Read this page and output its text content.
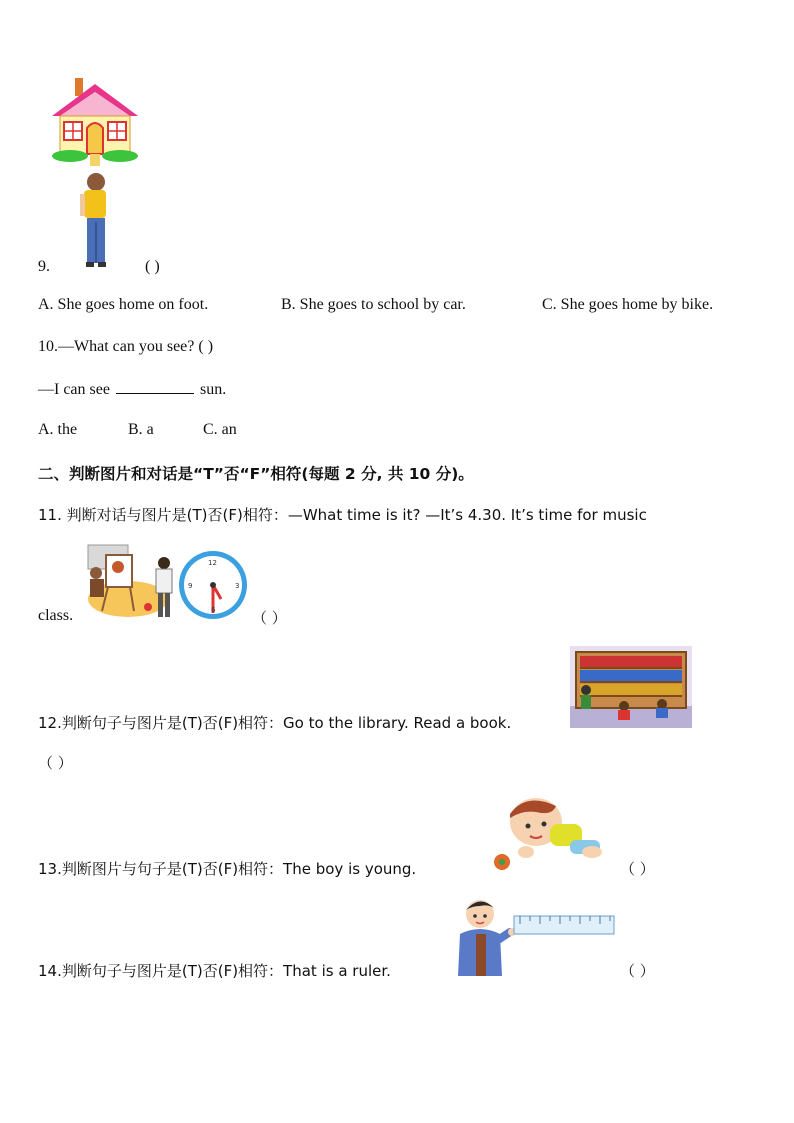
9.	( )
A. She goes home on foot.	B. She goes to school by car.	C. She goes home by bike.
10.—What can you see? ( )
—I can see	sun.
A. the	B. a	C. an
二、判断图片和对话是“T”否“F”相符(每题 2 分, 共 10 分)。
11. 判断对话与图片是(T)否(F)相符：—What time is it? —It’s 4.30. It’s time for music
12
3
6
9
class.	（ ）
12.判断句子与图片是(T)否(F)相符：Go to the library. Read a book.
（ ）
13.判断图片与句子是(T)否(F)相符：The boy is young.	（ ）
14.判断句子与图片是(T)否(F)相符：That is a ruler.	（ ）
